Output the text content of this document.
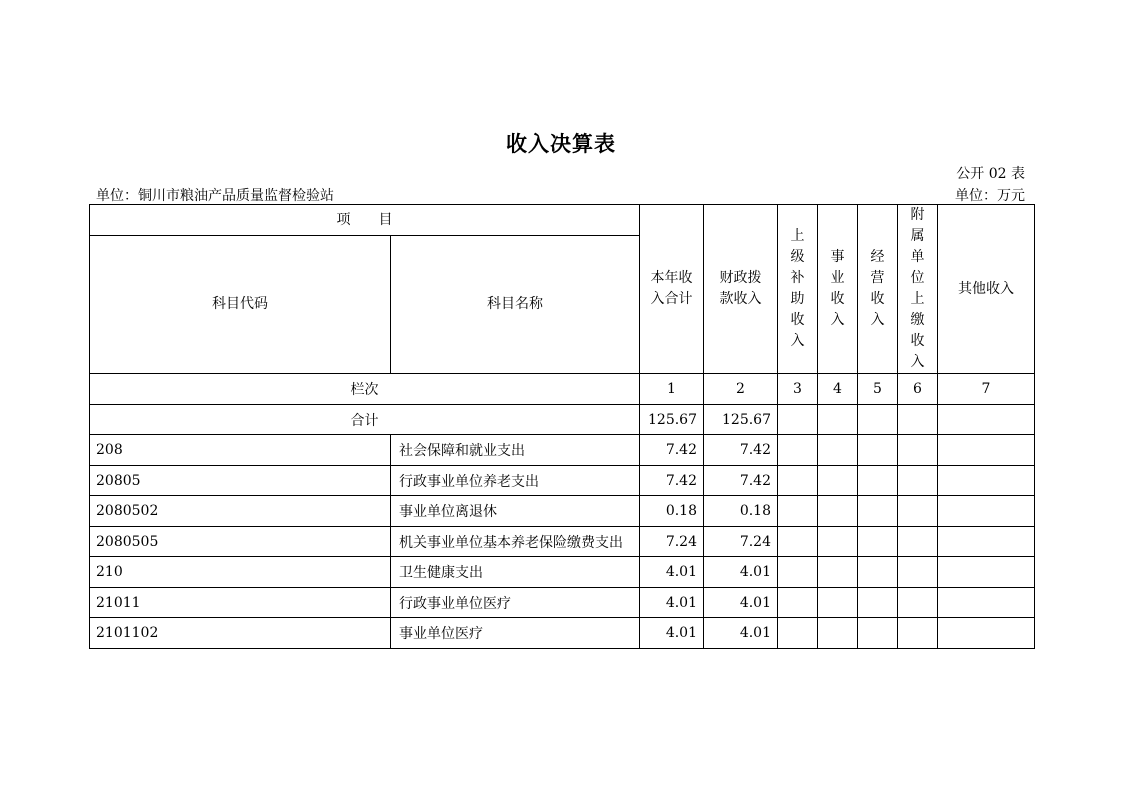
收入决算表
公开 02 表
单位：铜川市粮油产品质量监督检验站	单位：万元
项　　目		本年收入合计	财政拨款收入	上级补助收入	事业收入	经营收入	附属单位上缴收入	其他收入
科目代码	科目名称							
栏次		1	2	3	4	5	6	7
合计		125.67	125.67					
208	社会保障和就业支出	7.42	7.42					
20805	行政事业单位养老支出	7.42	7.42					
2080502	事业单位离退休	0.18	0.18					
2080505	机关事业单位基本养老保险缴费支出	7.24	7.24					
210	卫生健康支出	4.01	4.01					
21011	行政事业单位医疗	4.01	4.01					
2101102	事业单位医疗	4.01	4.01					
